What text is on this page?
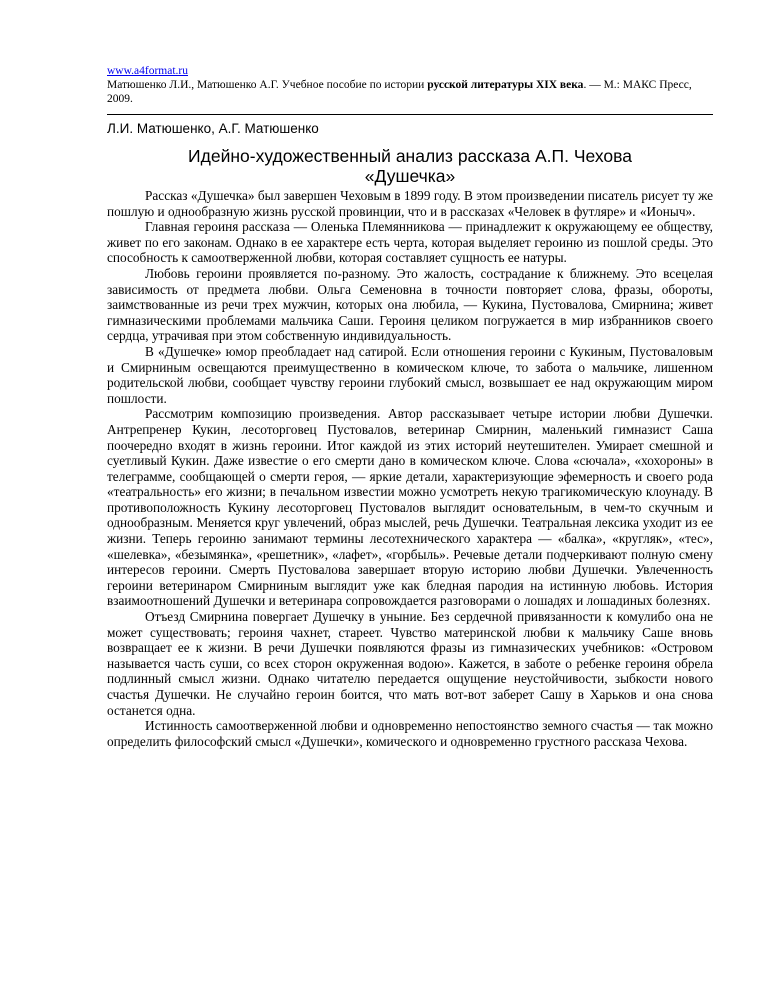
www.a4format.ru
Матюшенко Л.И., Матюшенко А.Г. Учебное пособие по истории русской литературы XIX века. — М.: МАКС Пресс, 2009.
Л.И. Матюшенко, А.Г. Матюшенко
Идейно-художественный анализ рассказа А.П. Чехова
«Душечка»

Рассказ «Душечка» был завершен Чеховым в 1899 году. В этом произведении писатель рисует ту же пошлую и однообразную жизнь русской провинции, что и в рассказах «Человек в футляре» и «Ионыч».

Главная героиня рассказа — Оленька Племянникова — принадлежит к окружающему ее обществу, живет по его законам. Однако в ее характере есть черта, которая выделяет героиню из пошлой среды. Это способность к самоотверженной любви, которая составляет сущность ее натуры.

Любовь героини проявляется по-разному. Это жалость, сострадание к ближнему. Это всецелая зависимость от предмета любви. Ольга Семеновна в точности повторяет слова, фразы, обороты, заимствованные из речи трех мужчин, которых она любила, — Кукина, Пустовалова, Смирнина; живет гимназическими проблемами мальчика Саши. Героиня целиком погружается в мир избранников своего сердца, утрачивая при этом собственную индивидуальность.

В «Душечке» юмор преобладает над сатирой. Если отношения героини с Кукиным, Пустоваловым и Смирниным освещаются преимущественно в комическом ключе, то забота о мальчике, лишенном родительской любви, сообщает чувству героини глубокий смысл, возвышает ее над окружающим миром пошлости.

Рассмотрим композицию произведения. Автор рассказывает четыре истории любви Душечки. Антрепренер Кукин, лесоторговец Пустовалов, ветеринар Смирнин, маленький гимназист Саша поочередно входят в жизнь героини. Итог каждой из этих историй неутешителен. Умирает смешной и суетливый Кукин. Даже известие о его смерти дано в комическом ключе. Слова «сючала», «хохороны» в телеграмме, сообщающей о смерти героя, — яркие детали, характеризующие эфемерность и своего рода «театральность» его жизни; в печальном известии можно усмотреть некую трагикомическую клоунаду. В противоположность Кукину лесоторговец Пустовалов выглядит основательным, в чем-то скучным и однообразным. Меняется круг увлечений, образ мыслей, речь Душечки. Театральная лексика уходит из ее жизни. Теперь героиню занимают термины лесотехнического характера — «балка», «кругляк», «тес», «шелевка», «безымянка», «решетник», «лафет», «горбыль». Речевые детали подчеркивают полную смену интересов героини. Смерть Пустовалова завершает вторую историю любви Душечки. Увлеченность героини ветеринаром Смирниным выглядит уже как бледная пародия на истинную любовь. История взаимоотношений Душечки и ветеринара сопровождается разговорами о лошадях и лошадиных болезнях.

Отъезд Смирнина повергает Душечку в уныние. Без сердечной привязанности к комулибо она не может существовать; героиня чахнет, стареет. Чувство материнской любви к мальчику Саше вновь возвращает ее к жизни. В речи Душечки появляются фразы из гимназических учебников: «Островом называется часть суши, со всех сторон окруженная водою». Кажется, в заботе о ребенке героиня обрела подлинный смысл жизни. Однако читателю передается ощущение неустойчивости, зыбкости нового счастья Душечки. Не случайно героин боится, что мать вот-вот заберет Сашу в Харьков и она снова останется одна.

Истинность самоотверженной любви и одновременно непостоянство земного счастья — так можно определить философский смысл «Душечки», комического и одновременно грустного рассказа Чехова.
